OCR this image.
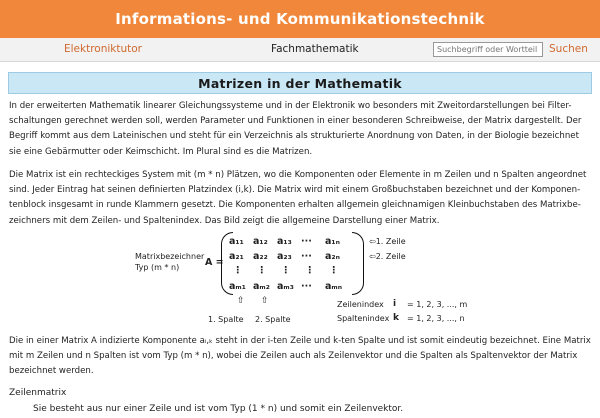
Informations- und Kommunikationstechnik
Elektroniktutor	Fachmathematik
Suchbegriff oder Wortteil	Suchen
Matrizen in der Mathematik

In der erweiterten Mathematik linearer Gleichungssysteme und in der Elektronik wo besonders mit Zweitordarstellungen bei Filter-schaltungen gerechnet werden soll, werden Parameter und Funktionen in einer besonderen Schreibweise, der Matrix dargestellt. Der Begriff kommt aus dem Lateinischen und steht für ein Verzeichnis als strukturierte Anordnung von Daten, in der Biologie bezeichnet sie eine Gebärmutter oder Keimschicht. Im Plural sind es die Matrizen.

Die Matrix ist ein rechteckiges System mit (m * n) Plätzen, wo die Komponenten oder Elemente in m Zeilen und n Spalten angeordnet sind. Jeder Eintrag hat seinen definierten Platzindex (i,k). Die Matrix wird mit einem Großbuchstaben bezeichnet und der Komponen-tenblock insgesamt in runde Klammern gesetzt. Die Komponenten erhalten allgemein gleichnamigen Kleinbuchstaben des Matrixbe-zeichners mit dem Zeilen- und Spaltenindex. Das Bild zeigt die allgemeine Darstellung einer Matrix.

Matrixbezeichner
Typ (m * n)	A =
a₁₁ a₁₂ a₁₃ ··· a₁ₙ
a₂₁ a₂₂ a₂₃ ··· a₂ₙ
⋮ ⋮ ⋮ ⋮ ⋮
aₘ₁ aₘ₂ aₘ₃ ··· aₘₙ
⇦1. Zeile
⇦2. Zeile
⇧ ⇧
1. Spalte 2. Spalte
Zeilenindex i = 1, 2, 3, ..., m
Spaltenindex k = 1, 2, 3, ..., n

Die in einer Matrix A indizierte Komponente aᵢ,ₖ steht in der i-ten Zeile und k-ten Spalte und ist somit eindeutig bezeichnet. Eine Matrix mit m Zeilen und n Spalten ist vom Typ (m * n), wobei die Zeilen auch als Zeilenvektor und die Spalten als Spaltenvektor der Matrix bezeichnet werden.

Zeilenmatrix
Sie besteht aus nur einer Zeile und ist vom Typ (1 * n) und somit ein Zeilenvektor.
